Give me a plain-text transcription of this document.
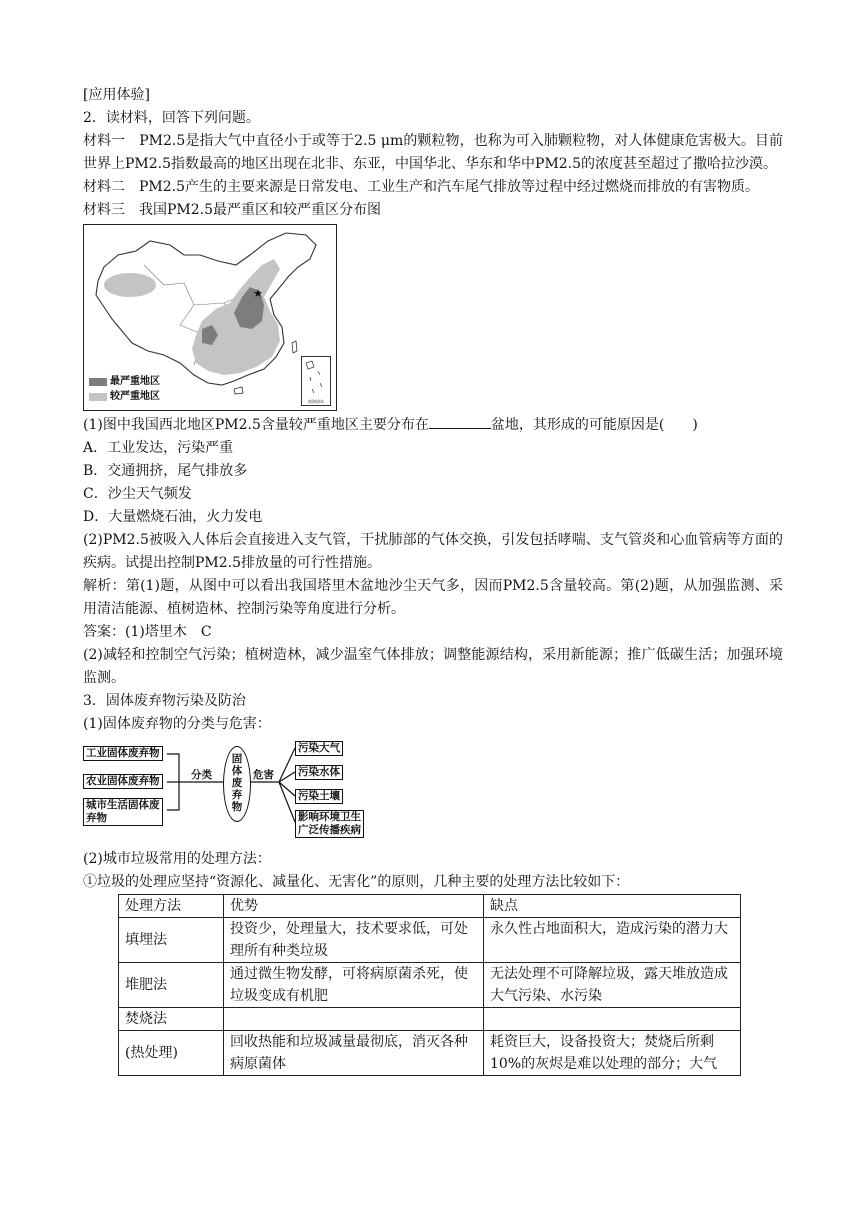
[应用体验]

2．读材料，回答下列问题。

材料一　PM2.5是指大气中直径小于或等于2.5 μm的颗粒物，也称为可入肺颗粒物，对人体健康危害极大。目前世界上PM2.5指数最高的地区出现在北非、东亚，中国华北、华东和华中PM2.5的浓度甚至超过了撒哈拉沙漠。

材料二　PM2.5产生的主要来源是日常发电、工业生产和汽车尾气排放等过程中经过燃烧而排放的有害物质。

材料三　我国PM2.5最严重区和较严重区分布图

★
最严重地区
较严重地区	南海诸岛

(1)图中我国西北地区PM2.5含量较严重地区主要分布在	盆地，其形成的可能原因是(　　)

A．工业发达，污染严重

B．交通拥挤，尾气排放多

C．沙尘天气频发

D．大量燃烧石油，火力发电

(2)PM2.5被吸入人体后会直接进入支气管，干扰肺部的气体交换，引发包括哮喘、支气管炎和心血管病等方面的疾病。试提出控制PM2.5排放量的可行性措施。

解析：第(1)题，从图中可以看出我国塔里木盆地沙尘天气多，因而PM2.5含量较高。第(2)题，从加强监测、采用清洁能源、植树造林、控制污染等角度进行分析。

答案：(1)塔里木　C

(2)减轻和控制空气污染；植树造林，减少温室气体排放；调整能源结构，采用新能源；推广低碳生活；加强环境监测。

3．固体废弃物污染及防治

(1)固体废弃物的分类与危害：

工业固体废弃物
农业固体废弃物
城市生活固体废
弃物
分类
固
体
废
弃
物
危害
污染大气
污染水体
污染土壤
影响环境卫生
广泛传播疾病

(2)城市垃圾常用的处理方法：

①垃圾的处理应坚持“资源化、减量化、无害化”的原则，几种主要的处理方法比较如下：

处理方法	优势	缺点
填埋法	投资少，处理量大，技术要求低，可处理所有种类垃圾	永久性占地面积大，造成污染的潜力大
堆肥法	通过微生物发酵，可将病原菌杀死，使垃圾变成有机肥	无法处理不可降解垃圾，露天堆放造成大气污染、水污染
焚烧法		
(热处理)	回收热能和垃圾减量最彻底，消灭各种病原菌体	耗资巨大，设备投资大；焚烧后所剩10%的灰烬是难以处理的部分；大气
